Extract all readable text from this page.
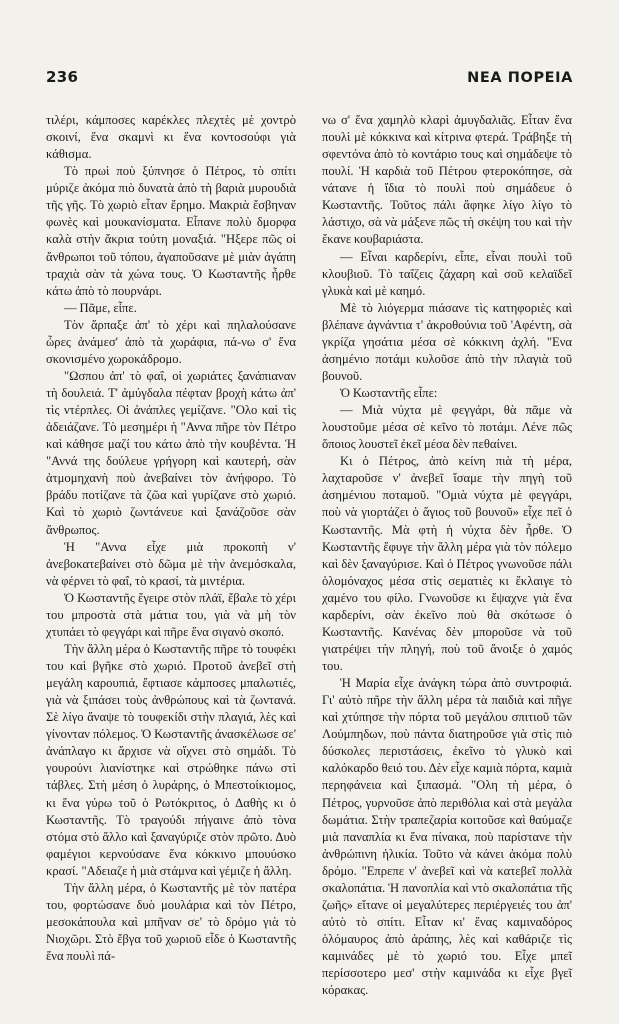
236	ΝΕΑ ΠΟΡΕΙΑ

τιλέρι, κάμποσες καρέκλες πλεχτὲς μὲ χοντρὸ σκοινί, ἕνα σκαμνὶ κι ἕνα κοντοσούφι γιὰ κάθισμα.

Τὸ πρωὶ ποὺ ξύπνησε ὁ Πέτρος, τὸ σπίτι μύριζε ἀκόμα πιὸ δυνατὰ ἀπὸ τὴ βαριὰ μυρουδιὰ τῆς γῆς. Τὸ χωριὸ εἶταν ἔρημο. Μακριὰ ἔσβηναν φωνὲς καὶ μουκανίσματα. Εἶπανε πολὺ δμορφα καλὰ στὴν ἄκρια τούτη μοναξιά. "Ηξερε πῶς οἱ ἄνθρωποι τοῦ τόπου, ἀγαποῦσανε μὲ μιὰν ἀγάπη τραχιὰ σὰν τὰ χώνα τους. Ὁ Κωσταντῆς ἦρθε κάτω ἀπὸ τὸ πουρνάρι.

— Πᾶμε, εἶπε.

Τὸν ἅρπαξε ἀπ' τὸ χέρι καὶ πηλαλούσανε ὦρες ἀνάμεσ' ἀπὸ τὰ χωράφια, πά-νω σ' ἕνα σκονισμένο χωροκάδρομο.

"Ωσπου ἀπ' τὸ φαΐ, οἱ χωριάτες ξανάπιαναν τὴ δουλειά. Τ' ἀμύγδαλα πέφταν βροχὴ κάτω ἀπ' τὶς ντέρπλες. Οἱ ἀνάπλες γεμίζανε. "Ολο καὶ τὶς ἀδειάζανε. Τὸ μεσημέρι ἡ "Αννα πῆρε τὸν Πέτρο καὶ κάθησε μαζί του κάτω ἀπὸ τὴν κουβέντα. Ἡ "Αννά της δούλευε γρήγορη καὶ καυτερή, σὰν ἀτμομηχανὴ ποὺ ἀνεβαίνει τὸν ἀνήφορο. Τὸ βράδυ ποτίζανε τὰ ζῶα καὶ γυρίζανε στὸ χωριό. Καὶ τὸ χωριὸ ζωντάνευε καὶ ξανάζοῦσε σὰν ἄνθρωπος.

Ἡ "Αννα εἶχε μιὰ προκοπὴ ν' ἀνεβοκατεβαίνει στὸ δῶμα μὲ τὴν ἀνεμόσκαλα, νὰ φέρνει τὸ φαΐ, τὸ κρασί, τὰ μιντέρια.

Ὁ Κωσταντῆς ἔγειρε στὸν πλάϊ, ἔβαλε τὸ χέρι του μπροστὰ στὰ μάτια του, γιὰ νὰ μὴ τὸν χτυπάει τὸ φεγγάρι καὶ πῆρε ἕνα σιγανὸ σκοπό.

Τὴν ἄλλη μέρα ὁ Κωσταντῆς πῆρε τὸ τουφέκι του καὶ βγῆκε στὸ χωριό. Προτοῦ ἀνεβεῖ στὴ μεγάλη καρουπιά, ἔφτιασε κάμποσες μπαλωτιές, γιὰ νὰ ξιπάσει τοὺς ἀνθρώπους καὶ τὰ ζωντανά. Σὲ λίγο ἄναψε τὸ τουφεκίδι στὴν πλαγιά, λὲς καὶ γίνονταν πόλεμος. Ὁ Κωσταντῆς ἀνασκέλωσε σε' ἀνάπλαγο κι ἄρχισε νὰ οἴχνει στὸ σημάδι. Τὸ γουρούνι λιανίστηκε καὶ στρώθηκε πάνω στὶ τάβλες. Στὴ μέση ὁ λυράρης, ὁ Μπεστοίκιομος, κι ἕνα γύρω τοῦ ὁ Ρωτόκριτος, ὁ Δαθὴς κι ὁ Κωσταντῆς. Τὸ τραγούδι πήγαινε ἀπὸ τὸνα στόμα στὸ ἄλλο καὶ ξαναγύριζε στὸν πρῶτο. Δυὸ φαμέγιοι κερνούσανε ἕνα κόκκινο μπουύσκο κρασί. "Αδειαζε ἡ μιὰ στάμνα καὶ γέμιζε ἡ ἄλλη.

Τὴν ἄλλη μέρα, ὁ Κωσταντῆς μὲ τὸν πατέρα του, φορτώσανε δυὸ μουλάρια καὶ τὸν Πέτρο, μεσοκάπουλα καὶ μπῆναν σε' τὸ δρόμο γιὰ τὸ Νιοχῶρι. Στὸ ἔβγα τοῦ χωριοῦ εἶδε ὁ Κωσταντῆς ἕνα πουλὶ πά-

νω σ' ἕνα χαμηλὸ κλαρὶ ἀμυγδαλιᾶς. Εἶταν ἕνα πουλὶ μὲ κόκκινα καὶ κίτρινα φτερά. Τράβηξε τὴ σφεντόνα ἀπὸ τὸ κοντάριο τους καὶ σημάδεψε τὸ πουλί. Ἡ καρδιὰ τοῦ Πέτρου φτεροκόπησε, σὰ νάτανε ἡ ἴδια τὸ πουλὶ ποὺ σημάδευε ὁ Κωσταντῆς. Τοῦτος πάλι ἄφηκε λίγο λίγο τὸ λάστιχο, σὰ νὰ μάξενε πῶς τὴ σκέψη του καὶ τὴν ἔκανε κουβαριάστα.

— Εἶναι καρδερίνι, εἶπε, εἶναι πουλὶ τοῦ κλουβιοῦ. Τὸ ταΐζεις ζάχαρη καὶ σοῦ κελαϊδεῖ γλυκὰ καὶ μὲ καημό.

Μὲ τὸ λιόγερμα πιάσανε τὶς κατηφοριὲς καὶ βλέπανε ἀγνάντια τ' ἀκροθούνια τοῦ 'Αφέντη, σὰ γκρίζα γησάτια μέσα σὲ κόκκινη ἀχλή. "Ενα ἀσημένιο ποτάμι κυλοῦσε ἀπὸ τὴν πλαγιὰ τοῦ βουνοῦ.

Ὁ Κωσταντῆς εἶπε:

— Μιὰ νύχτα μὲ φεγγάρι, θὰ πᾶμε νὰ λουστοῦμε μέσα σὲ κεῖνο τὸ ποτάμι. Λένε πῶς ὅποιος λουστεῖ ἐκεῖ μέσα δὲν πεθαίνει.

Κι ὁ Πέτρος, ἀπὸ κείνη πιὰ τὴ μέρα, λαχταροῦσε ν' ἀνεβεῖ ἴσαμε τὴν πηγὴ τοῦ ἀσημένιου ποταμοῦ. "Ομιὰ νύχτα μὲ φεγγάρι, ποὺ νὰ γιορτάζει ὁ ἅγιος τοῦ βουνοῦ» εἶχε πεῖ ὁ Κωσταντῆς. Μὰ φτὴ ἡ νύχτα δὲν ἦρθε. Ὁ Κωσταντῆς ἔφυγε τὴν ἄλλη μέρα γιὰ τὸν πόλεμο καὶ δὲν ξαναγύρισε. Καὶ ὁ Πέτρος γνωνοῦσε πάλι ὁλομόναχος μέσα στὶς σεματιὲς κι ἔκλαιγε τὸ χαμένο του φίλο. Γνωνοῦσε κι ἔψαχνε γιὰ ἕνα καρδερίνι, σὰν ἐκεῖνο ποὺ θὰ σκότωσε ὁ Κωσταντῆς. Κανένας δὲν μποροῦσε νὰ τοῦ γιατρέψει τὴν πληγή, ποὺ τοῦ ἄνοιξε ὁ χαμός του.

Ἡ Μαρία εἶχε ἀνάγκη τώρα ἀπὸ συντροφιά. Γι' αὐτὸ πῆρε τὴν ἄλλη μέρα τὰ παιδιὰ καὶ πῆγε καὶ χτύπησε τὴν πόρτα τοῦ μεγάλου σπιτιοῦ τῶν Λούμπηδων, ποὺ πάντα διατηροῦσε γιὰ στὶς πιὸ δύσκολες περιστάσεις, ἐκεῖνο τὸ γλυκὸ καὶ καλόκαρδο θειό του. Δὲν εἶχε καμιὰ πόρτα, καμιὰ περηφάνεια καὶ ξιπασμά. "Ολη τὴ μέρα, ὁ Πέτρος, γυρνοῦσε ἀπὸ περιθόλια καὶ στὰ μεγάλα δωμάτια. Στὴν τραπεζαρία κοιτοῦσε καὶ θαύμαζε μιὰ παναπλία κι ἕνα πίνακα, ποὺ παρίστανε τὴν ἀνθρώπινη ἡλικία. Τοῦτο νὰ κάνει ἀκόμα πολὺ δρόμο. "Επρεπε ν' ἀνεβεῖ καὶ νὰ κατεβεῖ πολλὰ σκαλοπάτια. Ἡ πανοπλία καὶ ντὸ σκαλοπάτια τῆς ζωῆς» εἴτανε οἱ μεγαλύτερες περιέργειές του ἀπ' αὐτὸ τὸ σπίτι. Εἶταν κι' ἕνας καμιναδόρος ὁλόμαυρος ἀπὸ ἀράπης, λὲς καὶ καθάριζε τὶς καμινάδες μὲ τὸ χωριό του. Εἶχε μπεῖ περίσσοτερο μεσ' στὴν καμινάδα κι εἶχε βγεῖ κόρακας.
